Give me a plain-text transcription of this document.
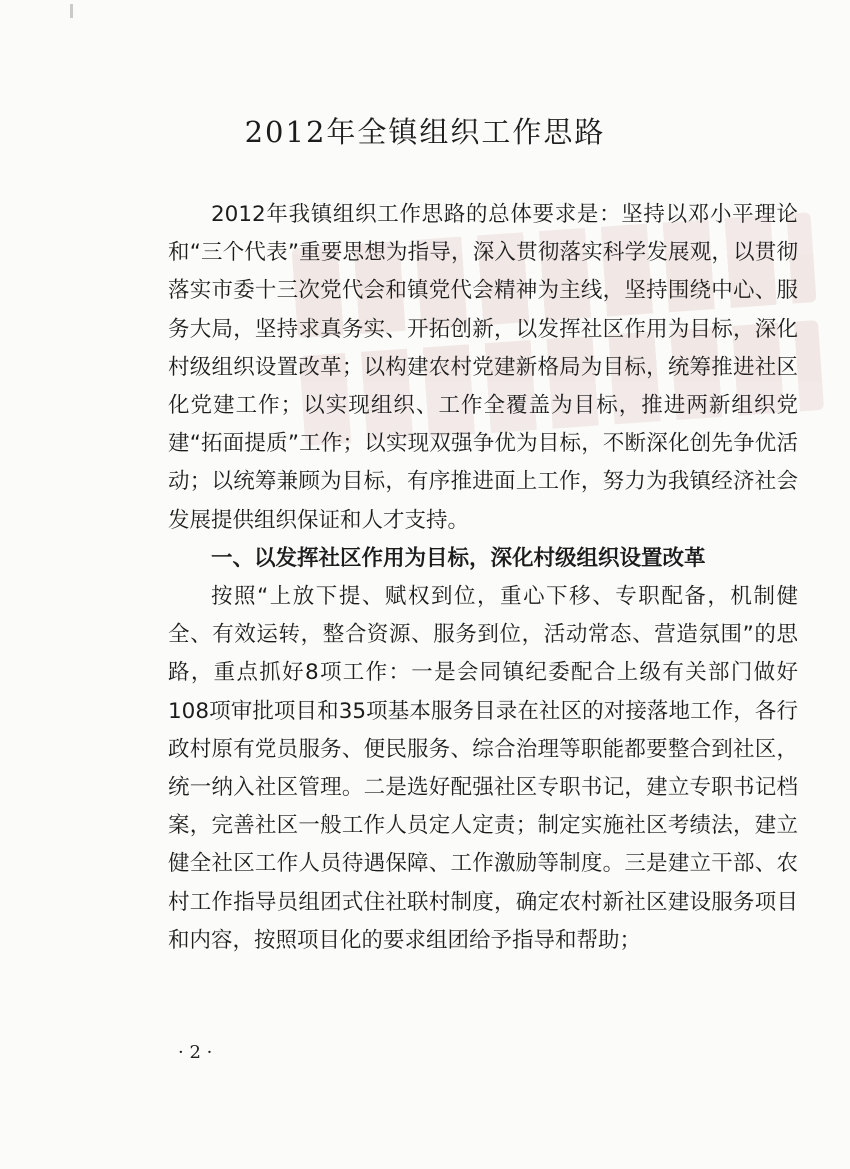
2012年全镇组织工作思路

2012年我镇组织工作思路的总体要求是：坚持以邓小平理论和“三个代表”重要思想为指导，深入贯彻落实科学发展观，以贯彻落实市委十三次党代会和镇党代会精神为主线，坚持围绕中心、服务大局，坚持求真务实、开拓创新，以发挥社区作用为目标，深化村级组织设置改革；以构建农村党建新格局为目标，统筹推进社区化党建工作；以实现组织、工作全覆盖为目标，推进两新组织党建“拓面提质”工作；以实现双强争优为目标，不断深化创先争优活动；以统筹兼顾为目标，有序推进面上工作，努力为我镇经济社会发展提供组织保证和人才支持。

一、以发挥社区作用为目标，深化村级组织设置改革

按照“上放下提、赋权到位，重心下移、专职配备，机制健全、有效运转，整合资源、服务到位，活动常态、营造氛围”的思路，重点抓好8项工作：一是会同镇纪委配合上级有关部门做好108项审批项目和35项基本服务目录在社区的对接落地工作，各行政村原有党员服务、便民服务、综合治理等职能都要整合到社区，统一纳入社区管理。二是选好配强社区专职书记，建立专职书记档案，完善社区一般工作人员定人定责；制定实施社区考绩法，建立健全社区工作人员待遇保障、工作激励等制度。三是建立干部、农村工作指导员组团式住社联村制度，确定农村新社区建设服务项目和内容，按照项目化的要求组团给予指导和帮助；

· 2 ·
